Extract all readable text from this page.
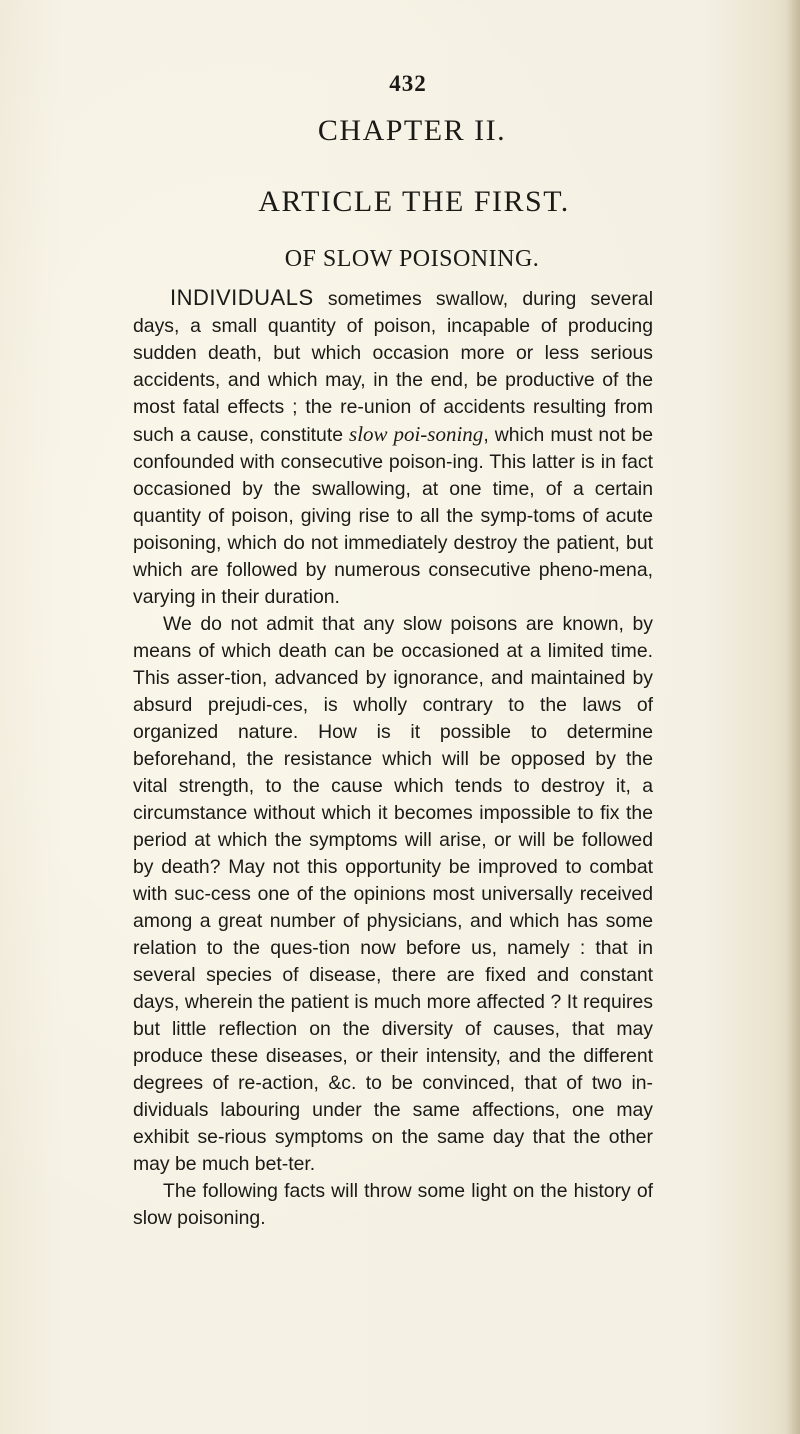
432
CHAPTER II.
ARTICLE THE FIRST.
OF SLOW POISONING.

INDIVIDUALS sometimes swallow, during several days, a small quantity of poison, incapable of producing sudden death, but which occasion more or less serious accidents, and which may, in the end, be productive of the most fatal effects ; the re-union of accidents resulting from such a cause, constitute slow poi-soning, which must not be confounded with consecutive poison-ing. This latter is in fact occasioned by the swallowing, at one time, of a certain quantity of poison, giving rise to all the symp-toms of acute poisoning, which do not immediately destroy the patient, but which are followed by numerous consecutive pheno-mena, varying in their duration.

We do not admit that any slow poisons are known, by means of which death can be occasioned at a limited time. This asser-tion, advanced by ignorance, and maintained by absurd prejudi-ces, is wholly contrary to the laws of organized nature. How is it possible to determine beforehand, the resistance which will be opposed by the vital strength, to the cause which tends to destroy it, a circumstance without which it becomes impossible to fix the period at which the symptoms will arise, or will be followed by death? May not this opportunity be improved to combat with suc-cess one of the opinions most universally received among a great number of physicians, and which has some relation to the ques-tion now before us, namely : that in several species of disease, there are fixed and constant days, wherein the patient is much more affected ? It requires but little reflection on the diversity of causes, that may produce these diseases, or their intensity, and the different degrees of re-action, &c. to be convinced, that of two in-dividuals labouring under the same affections, one may exhibit se-rious symptoms on the same day that the other may be much bet-ter.

The following facts will throw some light on the history of slow poisoning.
